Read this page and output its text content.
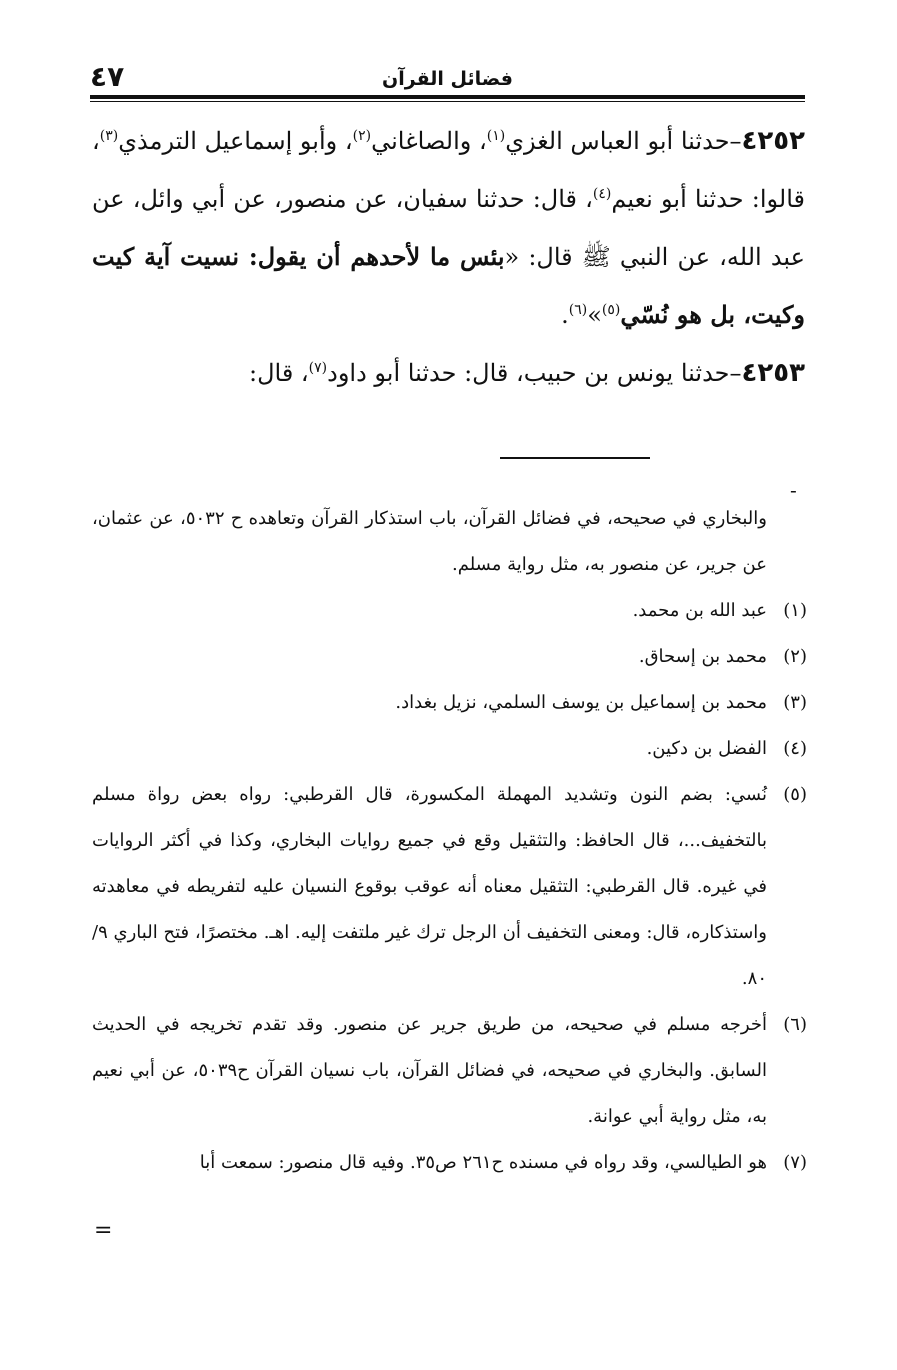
٤٧	فضائل القرآن

٤٢٥٢–حدثنا أبو العباس الغزي$^{(١)}$، والصاغاني$^{(٢)}$، وأبو إسماعيل الترمذي$^{(٣)}$، قالوا: حدثنا أبو نعيم$^{(٤)}$، قال: حدثنا سفيان، عن منصور، عن أبي وائل، عن عبد الله، عن النبي ﷺ قال: «بئس ما لأحدهم أن يقول: نسيت آية كيت وكيت، بل هو نُسّي$^{(٥)}$»$^{(٦)}$.

٤٢٥٣–حدثنا يونس بن حبيب، قال: حدثنا أبو داود$^{(٧)}$، قال:

-

والبخاري في صحيحه، في فضائل القرآن، باب استذكار القرآن وتعاهده ح ٥٠٣٢، عن عثمان، عن جرير، عن منصور به، مثل رواية مسلم.

(١)
عبد الله بن محمد.
(٢)
محمد بن إسحاق.
(٣)
محمد بن إسماعيل بن يوسف السلمي، نزيل بغداد.
(٤)
الفضل بن دكين.
(٥)
نُسي: بضم النون وتشديد المهملة المكسورة، قال القرطبي: رواه بعض رواة مسلم بالتخفيف...، قال الحافظ: والتثقيل وقع في جميع روايات البخاري، وكذا في أكثر الروايات في غيره. قال القرطبي: التثقيل معناه أنه عوقب بوقوع النسيان عليه لتفريطه في معاهدته واستذكاره، قال: ومعنى التخفيف أن الرجل ترك غير ملتفت إليه. اهـ. مختصرًا، فتح الباري ٩/ ٨٠.
(٦)
أخرجه مسلم في صحيحه، من طريق جرير عن منصور. وقد تقدم تخريجه في الحديث السابق. والبخاري في صحيحه، في فضائل القرآن، باب نسيان القرآن ح٥٠٣٩، عن أبي نعيم به، مثل رواية أبي عوانة.
(٧)
هو الطيالسي، وقد رواه في مسنده ح٢٦١ ص٣٥. وفيه قال منصور: سمعت أبا
=
